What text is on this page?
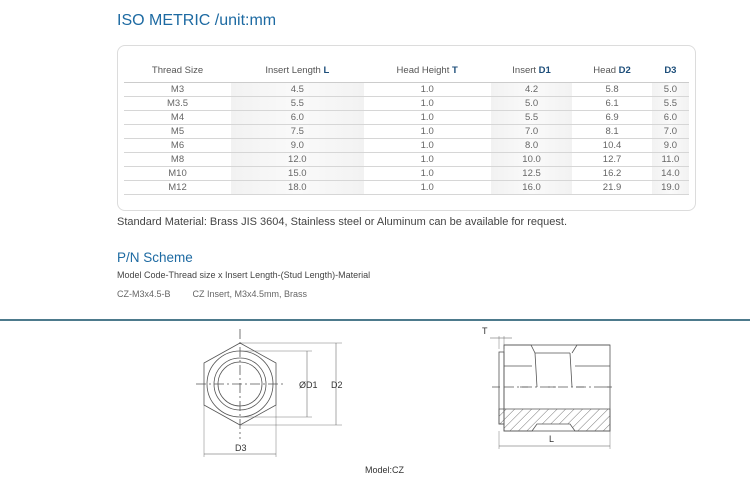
ISO METRIC /unit:mm
Thread Size	Insert Length L	Head Height T	Insert D1	Head D2	D3
M3	4.5	1.0	4.2	5.8	5.0
M3.5	5.5	1.0	5.0	6.1	5.5
M4	6.0	1.0	5.5	6.9	6.0
M5	7.5	1.0	7.0	8.1	7.0
M6	9.0	1.0	8.0	10.4	9.0
M8	12.0	1.0	10.0	12.7	11.0
M10	15.0	1.0	12.5	16.2	14.0
M12	18.0	1.0	16.0	21.9	19.0
Standard Material: Brass JIS 3604, Stainless steel or Aluminum can be available for request.
P/N Scheme
Model Code-Thread size x Insert Length-(Stud Length)-Material
CZ-M3x4.5-B CZ Insert, M3x4.5mm, Brass
ØD1 D2
D3
T
L
Model:CZ
